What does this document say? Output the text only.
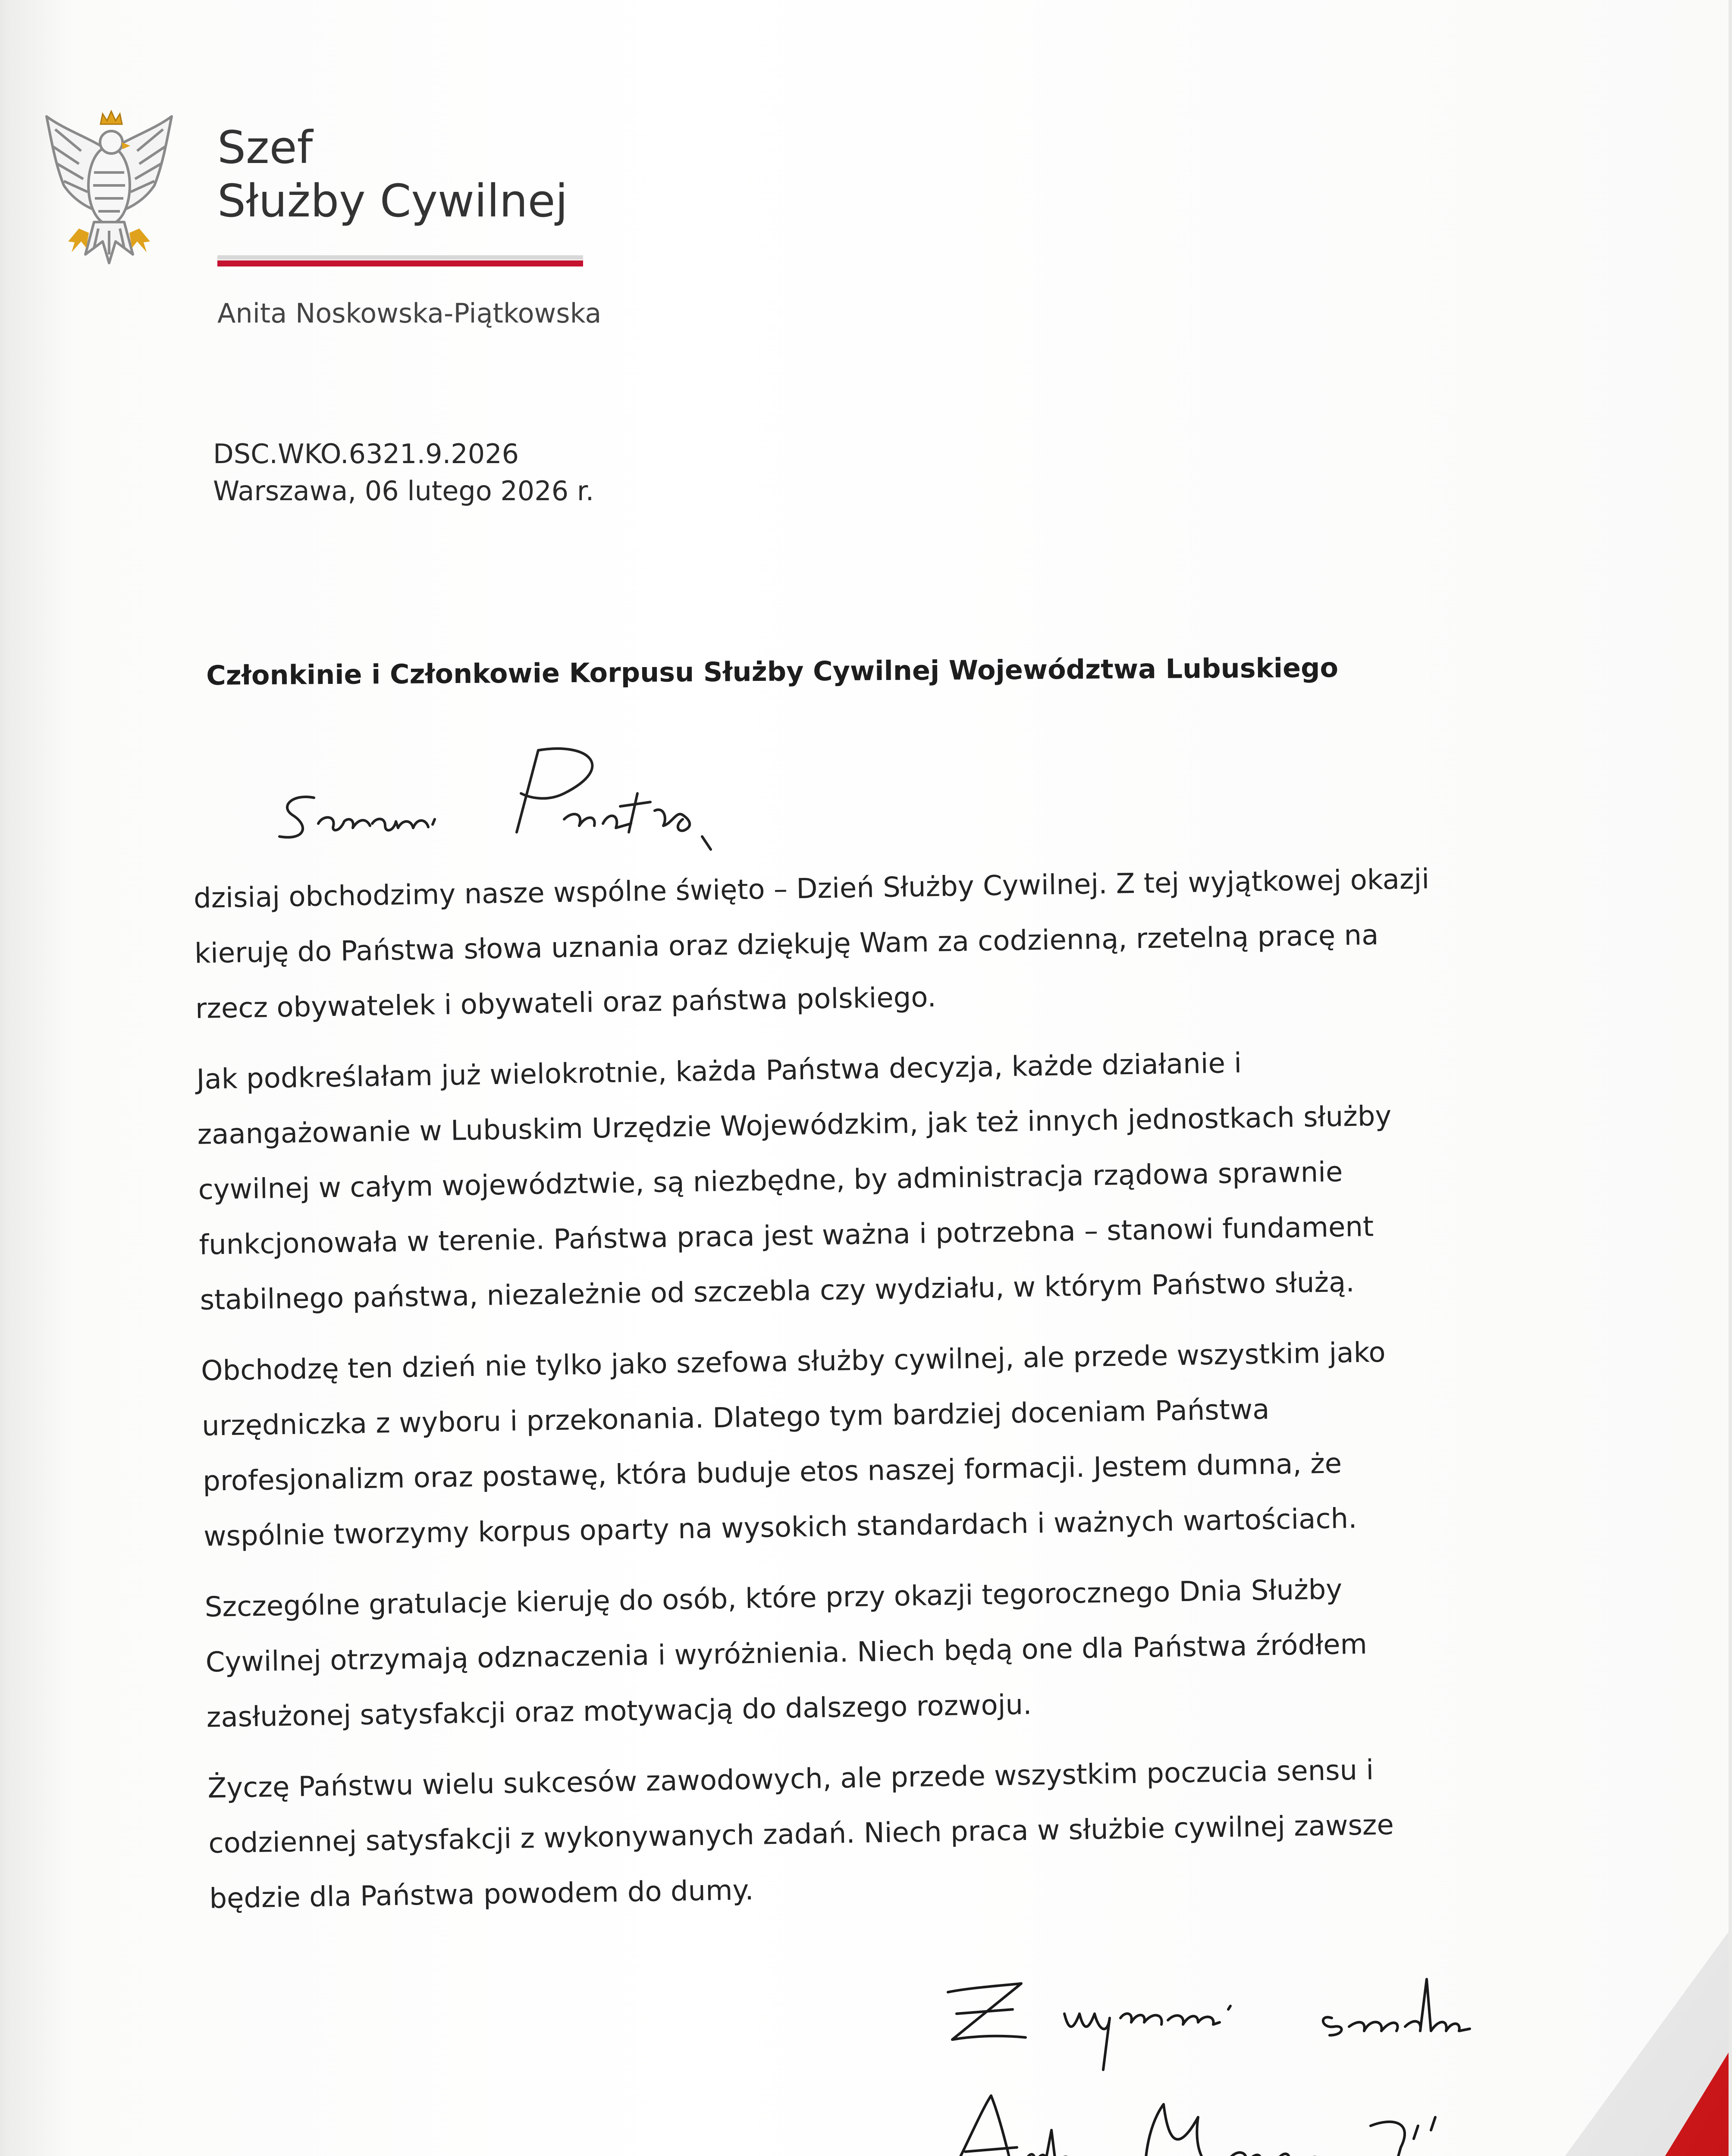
Szef
Służby Cywilnej
Anita Noskowska-Piątkowska
DSC.WKO.6321.9.2026
Warszawa, 06 lutego 2026 r.
Członkinie i Członkowie Korpusu Służby Cywilnej Województwa Lubuskiego

dzisiaj obchodzimy nasze wspólne święto – Dzień Służby Cywilnej. Z tej wyjątkowej okazji kieruję do Państwa słowa uznania oraz dziękuję Wam za codzienną, rzetelną pracę na rzecz obywatelek i obywateli oraz państwa polskiego.

Jak podkreślałam już wielokrotnie, każda Państwa decyzja, każde działanie i zaangażowanie w Lubuskim Urzędzie Wojewódzkim, jak też innych jednostkach służby cywilnej w całym województwie, są niezbędne, by administracja rządowa sprawnie funkcjonowała w terenie. Państwa praca jest ważna i potrzebna – stanowi fundament stabilnego państwa, niezależnie od szczebla czy wydziału, w którym Państwo służą.

Obchodzę ten dzień nie tylko jako szefowa służby cywilnej, ale przede wszystkim jako urzędniczka z wyboru i przekonania. Dlatego tym bardziej doceniam Państwa profesjonalizm oraz postawę, która buduje etos naszej formacji. Jestem dumna, że wspólnie tworzymy korpus oparty na wysokich standardach i ważnych wartościach.

Szczególne gratulacje kieruję do osób, które przy okazji tegorocznego Dnia Służby Cywilnej otrzymają odznaczenia i wyróżnienia. Niech będą one dla Państwa źródłem zasłużonej satysfakcji oraz motywacją do dalszego rozwoju.

Życzę Państwu wielu sukcesów zawodowych, ale przede wszystkim poczucia sensu i codziennej satysfakcji z wykonywanych zadań. Niech praca w służbie cywilnej zawsze będzie dla Państwa powodem do dumy.
